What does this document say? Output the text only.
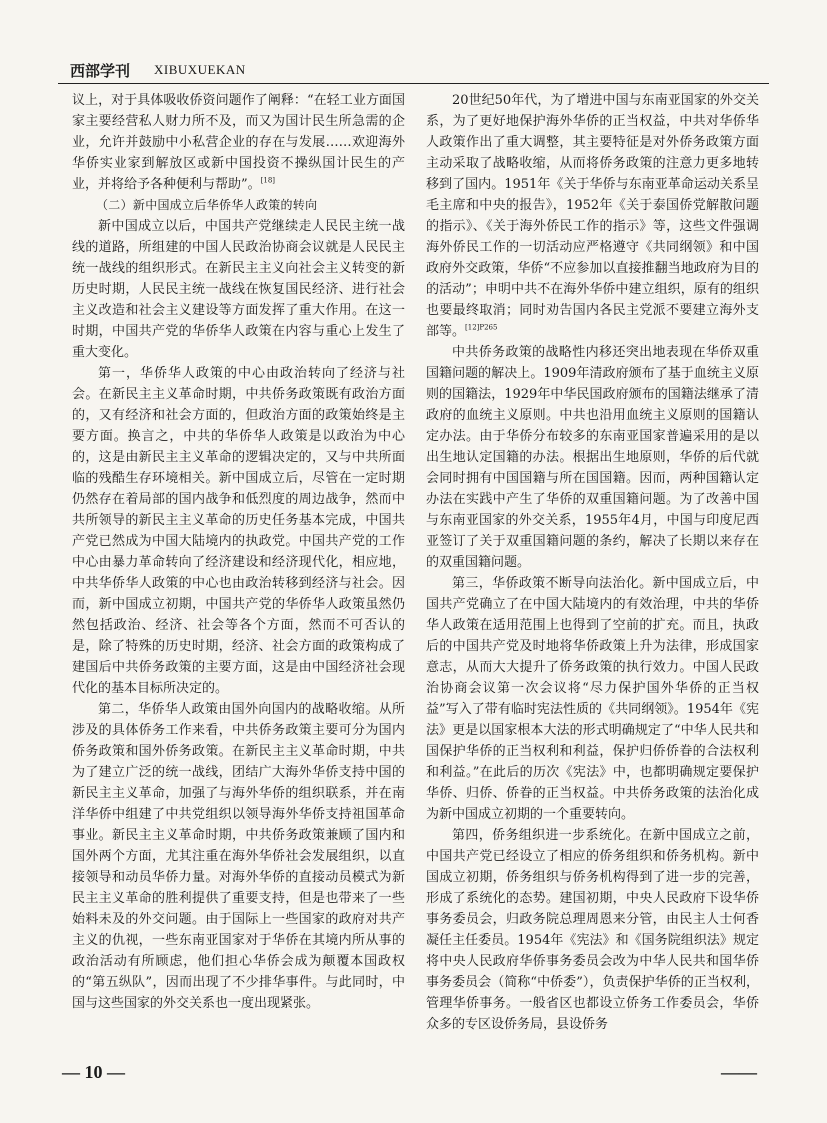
西部学刊 XIBUXUEKAN

议上，对于具体吸收侨资问题作了阐释：“在轻工业方面国家主要经营私人财力所不及，而又为国计民生所急需的企业，允许并鼓励中小私营企业的存在与发展……欢迎海外华侨实业家到解放区或新中国投资不操纵国计民生的产业，并将给予各种便利与帮助”。[18]

（二）新中国成立后华侨华人政策的转向

新中国成立以后，中国共产党继续走人民民主统一战线的道路，所组建的中国人民政治协商会议就是人民民主统一战线的组织形式。在新民主主义向社会主义转变的新历史时期，人民民主统一战线在恢复国民经济、进行社会主义改造和社会主义建设等方面发挥了重大作用。在这一时期，中国共产党的华侨华人政策在内容与重心上发生了重大变化。

第一，华侨华人政策的中心由政治转向了经济与社会。在新民主主义革命时期，中共侨务政策既有政治方面的，又有经济和社会方面的，但政治方面的政策始终是主要方面。换言之，中共的华侨华人政策是以政治为中心的，这是由新民主主义革命的逻辑决定的，又与中共所面临的残酷生存环境相关。新中国成立后，尽管在一定时期仍然存在着局部的国内战争和低烈度的周边战争，然而中共所领导的新民主主义革命的历史任务基本完成，中国共产党已然成为中国大陆境内的执政党。中国共产党的工作中心由暴力革命转向了经济建设和经济现代化，相应地，中共华侨华人政策的中心也由政治转移到经济与社会。因而，新中国成立初期，中国共产党的华侨华人政策虽然仍然包括政治、经济、社会等各个方面，然而不可否认的是，除了特殊的历史时期，经济、社会方面的政策构成了建国后中共侨务政策的主要方面，这是由中国经济社会现代化的基本目标所决定的。

第二，华侨华人政策由国外向国内的战略收缩。从所涉及的具体侨务工作来看，中共侨务政策主要可分为国内侨务政策和国外侨务政策。在新民主主义革命时期，中共为了建立广泛的统一战线，团结广大海外华侨支持中国的新民主主义革命，加强了与海外华侨的组织联系，并在南洋华侨中组建了中共党组织以领导海外华侨支持祖国革命事业。新民主主义革命时期，中共侨务政策兼顾了国内和国外两个方面，尤其注重在海外华侨社会发展组织，以直接领导和动员华侨力量。对海外华侨的直接动员模式为新民主主义革命的胜利提供了重要支持，但是也带来了一些始料未及的外交问题。由于国际上一些国家的政府对共产主义的仇视，一些东南亚国家对于华侨在其境内所从事的政治活动有所顾虑，他们担心华侨会成为颠覆本国政权的“第五纵队”，因而出现了不少排华事件。与此同时，中国与这些国家的外交关系也一度出现紧张。

20世纪50年代，为了增进中国与东南亚国家的外交关系，为了更好地保护海外华侨的正当权益，中共对华侨华人政策作出了重大调整，其主要特征是对外侨务政策方面主动采取了战略收缩，从而将侨务政策的注意力更多地转移到了国内。1951年《关于华侨与东南亚革命运动关系呈毛主席和中央的报告》，1952年《关于泰国侨党解散问题的指示》、《关于海外侨民工作的指示》等，这些文件强调海外侨民工作的一切活动应严格遵守《共同纲领》和中国政府外交政策，华侨“不应参加以直接推翻当地政府为目的的活动”；申明中共不在海外华侨中建立组织，原有的组织也要最终取消；同时劝告国内各民主党派不要建立海外支部等。$^{[12]P265}$

中共侨务政策的战略性内移还突出地表现在华侨双重国籍问题的解决上。1909年清政府颁布了基于血统主义原则的国籍法，1929年中华民国政府颁布的国籍法继承了清政府的血统主义原则。中共也沿用血统主义原则的国籍认定办法。由于华侨分布较多的东南亚国家普遍采用的是以出生地认定国籍的办法。根据出生地原则，华侨的后代就会同时拥有中国国籍与所在国国籍。因而，两种国籍认定办法在实践中产生了华侨的双重国籍问题。为了改善中国与东南亚国家的外交关系，1955年4月，中国与印度尼西亚签订了关于双重国籍问题的条约，解决了长期以来存在的双重国籍问题。

第三，华侨政策不断导向法治化。新中国成立后，中国共产党确立了在中国大陆境内的有效治理，中共的华侨华人政策在适用范围上也得到了空前的扩充。而且，执政后的中国共产党及时地将华侨政策上升为法律，形成国家意志，从而大大提升了侨务政策的执行效力。中国人民政治协商会议第一次会议将“尽力保护国外华侨的正当权益”写入了带有临时宪法性质的《共同纲领》。1954年《宪法》更是以国家根本大法的形式明确规定了“中华人民共和国保护华侨的正当权利和利益，保护归侨侨眷的合法权利和利益。”在此后的历次《宪法》中，也都明确规定要保护华侨、归侨、侨眷的正当权益。中共侨务政策的法治化成为新中国成立初期的一个重要转向。

第四，侨务组织进一步系统化。在新中国成立之前，中国共产党已经设立了相应的侨务组织和侨务机构。新中国成立初期，侨务组织与侨务机构得到了进一步的完善，形成了系统化的态势。建国初期，中央人民政府下设华侨事务委员会，归政务院总理周恩来分管，由民主人士何香凝任主任委员。1954年《宪法》和《国务院组织法》规定将中央人民政府华侨事务委员会改为中华人民共和国华侨事务委员会（简称“中侨委”），负责保护华侨的正当权利，管理华侨事务。一般省区也都设立侨务工作委员会，华侨众多的专区设侨务局，县设侨务

— 10 —	——
